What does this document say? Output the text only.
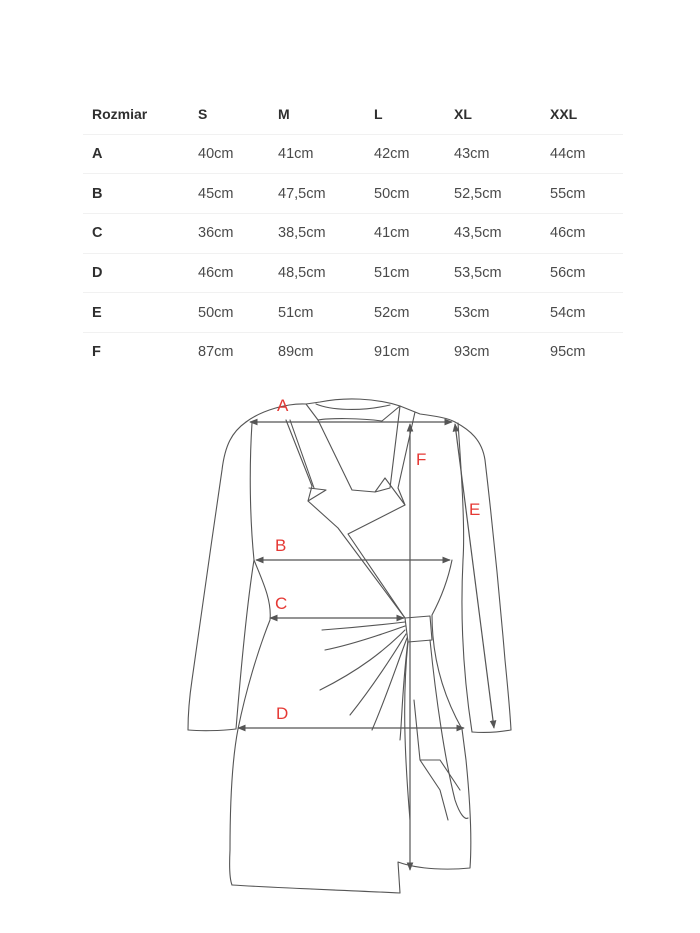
Rozmiar	S	M	L	XL	XXL
A	40cm	41cm	42cm	43cm	44cm
B	45cm	47,5cm	50cm	52,5cm	55cm
C	36cm	38,5cm	41cm	43,5cm	46cm
D	46cm	48,5cm	51cm	53,5cm	56cm
E	50cm	51cm	52cm	53cm	54cm
F	87cm	89cm	91cm	93cm	95cm
A
B
C
D
E
F
